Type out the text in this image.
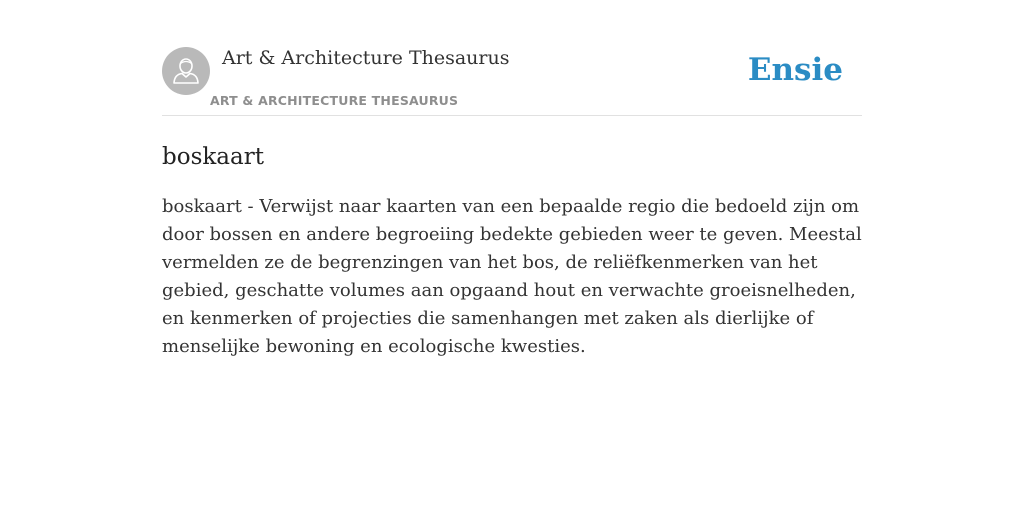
Art & Architecture Thesaurus
ART & ARCHITECTURE THESAURUS
Ensie
boskaart

boskaart - Verwijst naar kaarten van een bepaalde regio die bedoeld zijn om door bossen en andere begroeiing bedekte gebieden weer te geven. Meestal vermelden ze de begrenzingen van het bos, de reliëfkenmerken van het gebied, geschatte volumes aan opgaand hout en verwachte groeisnelheden, en kenmerken of projecties die samenhangen met zaken als dierlijke of menselijke bewoning en ecologische kwesties.
